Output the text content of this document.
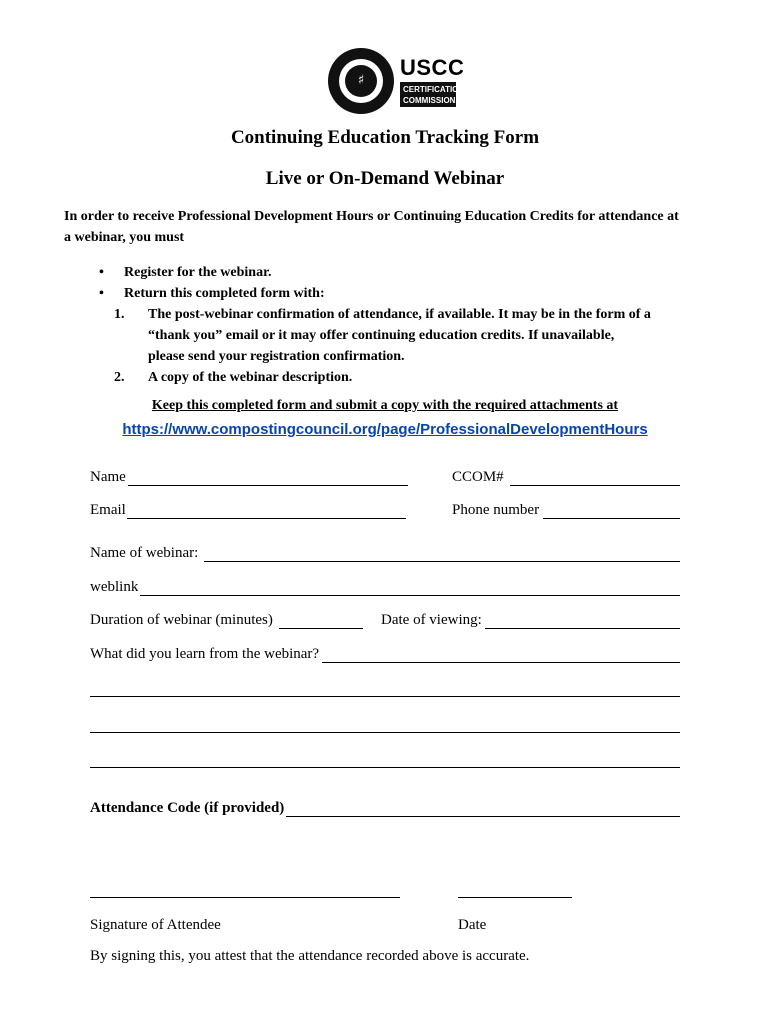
♯
USCC
CERTIFICATION
COMMISSION
Continuing Education Tracking Form
Live or On-Demand Webinar
In order to receive Professional Development Hours or Continuing Education Credits for attendance at a webinar, you must
• Register for the webinar.
• Return this completed form with:
1. The post-webinar confirmation of attendance, if available. It may be in the form of a
“thank you” email or it may offer continuing education credits. If unavailable,
please send your registration confirmation.
2.	A copy of the webinar description.
Keep this completed form and submit a copy with the required attachments at
https://www.compostingcouncil.org/page/ProfessionalDevelopmentHours
Name	CCOM#
Email	Phone number
Name of webinar:
weblink
Duration of webinar (minutes)	Date of viewing:
What did you learn from the webinar?
Attendance Code (if provided)
Signature of Attendee	Date
By signing this, you attest that the attendance recorded above is accurate.
